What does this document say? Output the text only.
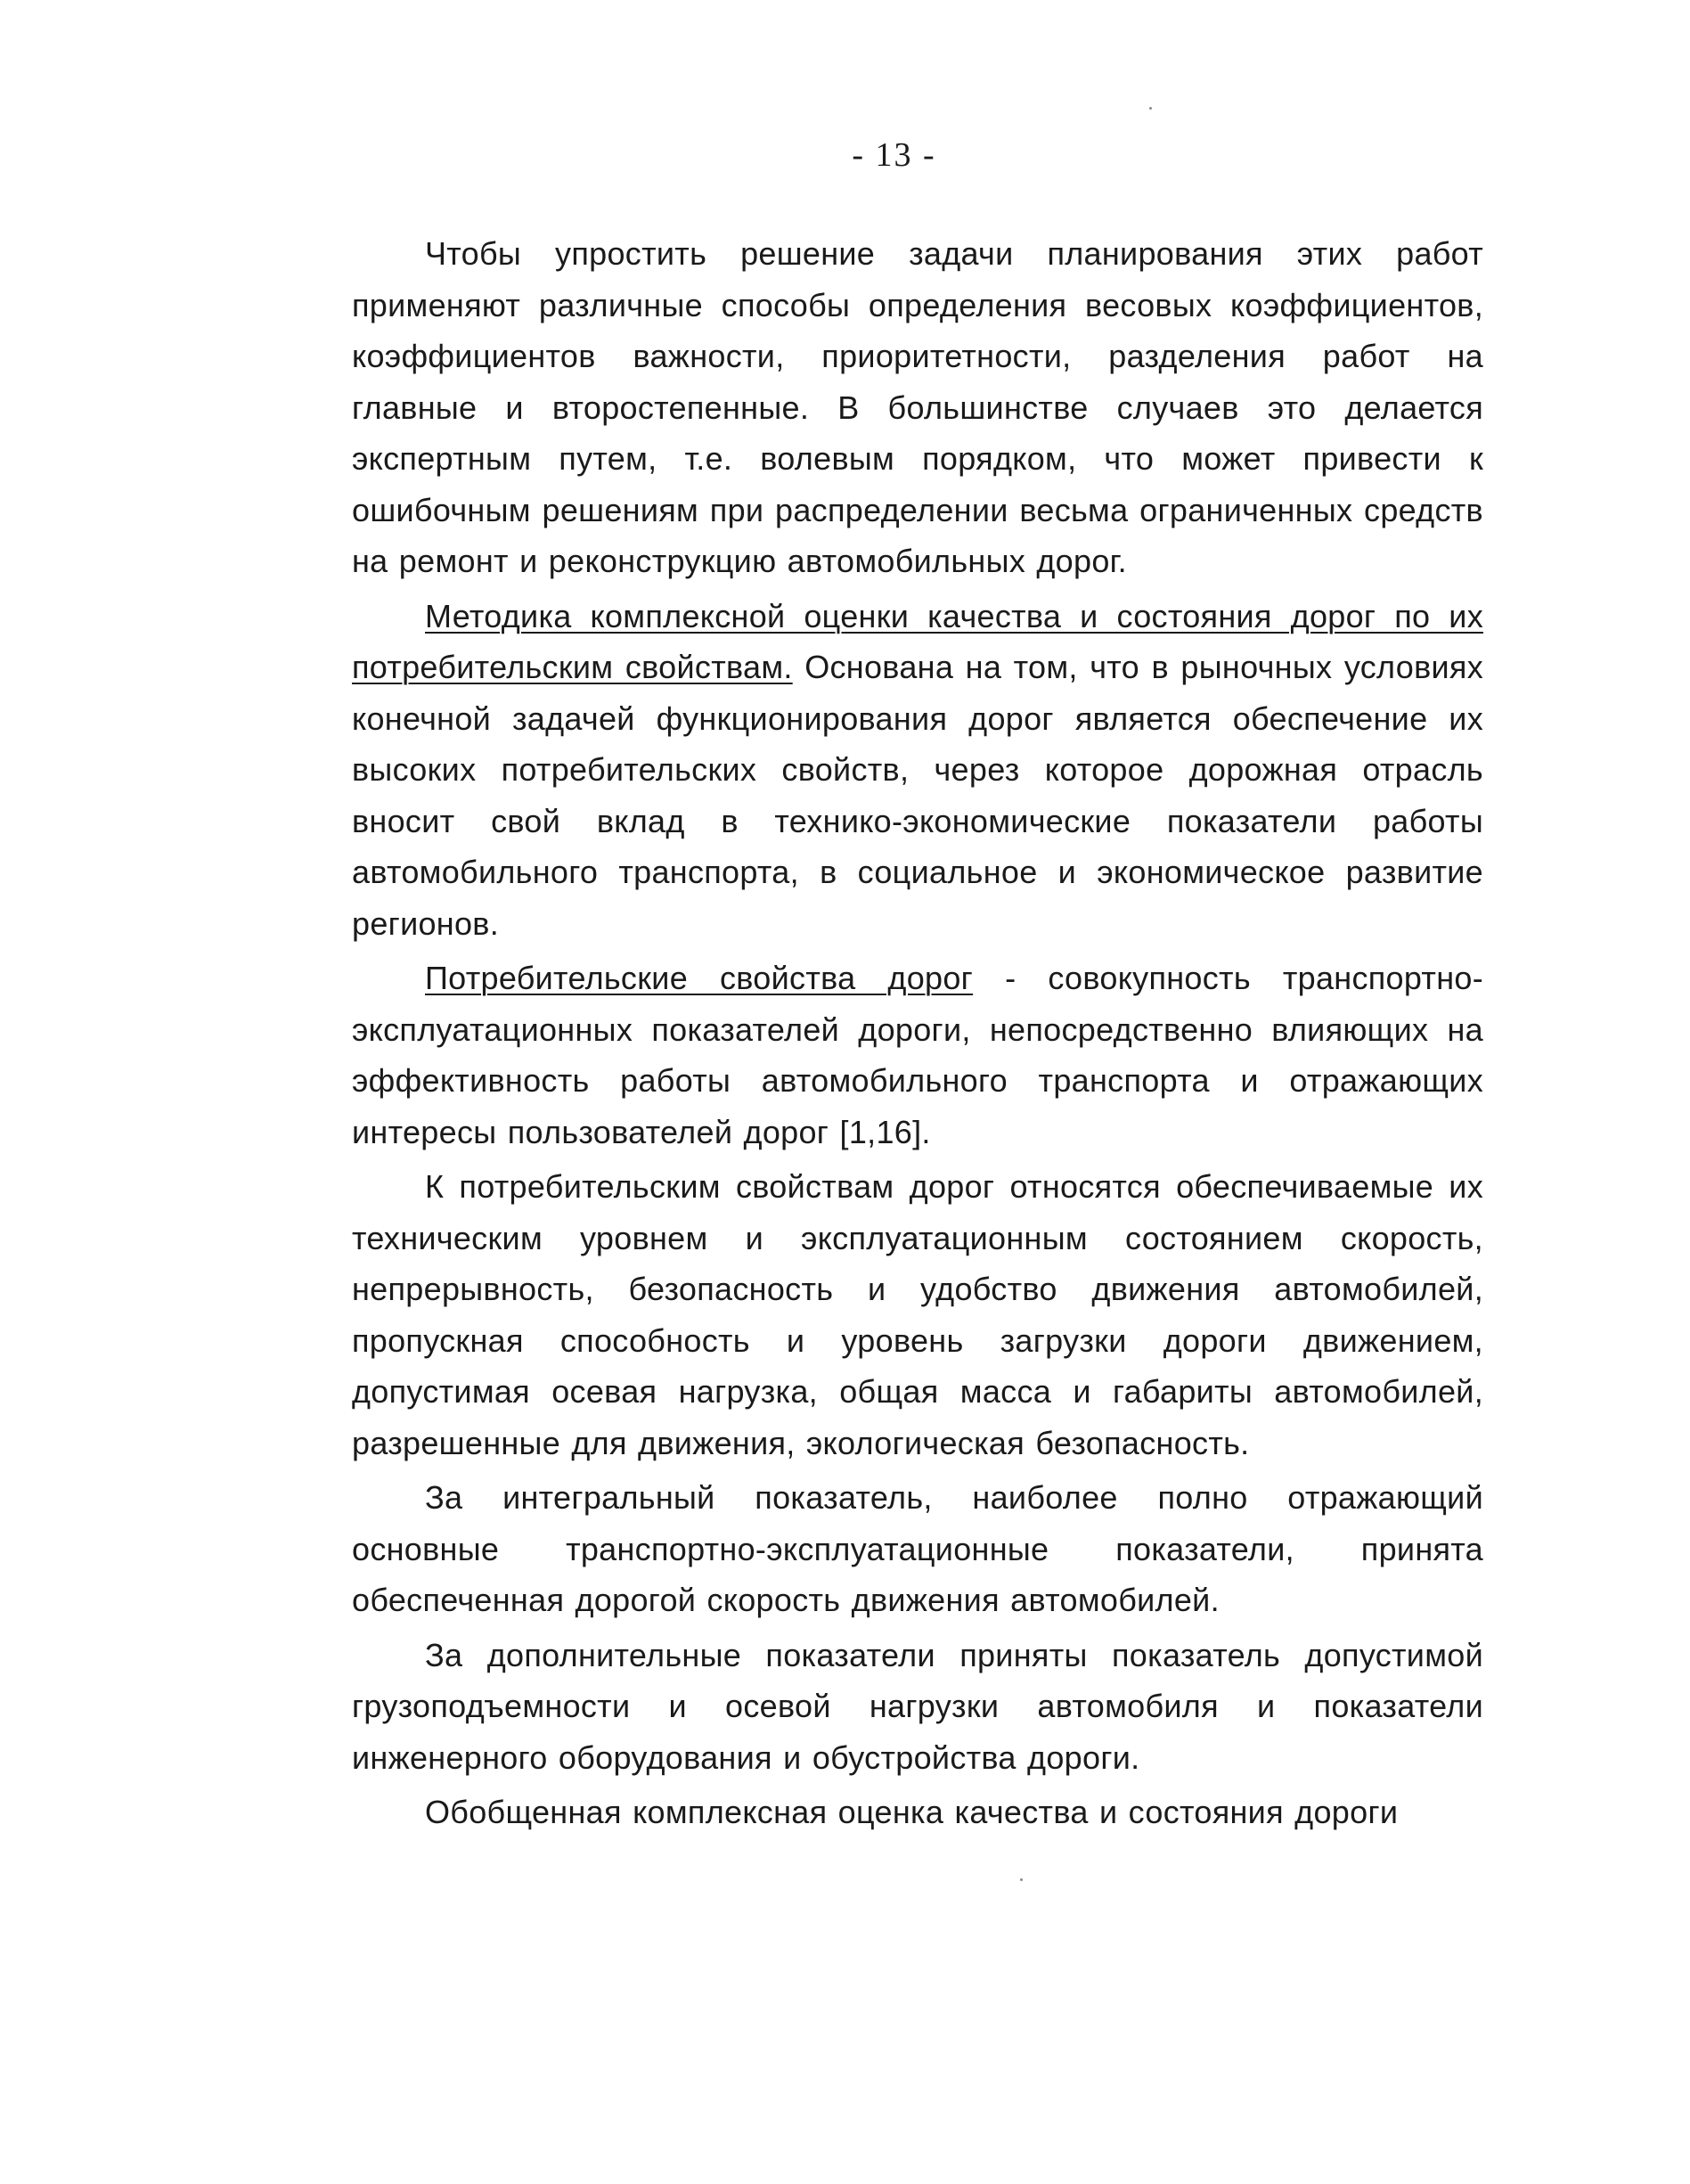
- 13 -

Чтобы упростить решение задачи планирования этих работ применяют различные способы определения весовых коэффициентов, коэффициентов важности, приоритетности, разделения работ на главные и второстепенные. В большинстве случаев это делается экспертным путем, т.е. волевым порядком, что может привести к ошибочным решениям при распределении весьма ограниченных средств на ремонт и реконструкцию автомобильных дорог.

Методика комплексной оценки качества и состояния дорог по их потребительским свойствам. Основана на том, что в рыночных условиях конечной задачей функционирования дорог является обеспечение их высоких потребительских свойств, через которое дорожная отрасль вносит свой вклад в технико-экономические показатели работы автомобильного транспорта, в социальное и экономическое развитие регионов.

Потребительские свойства дорог - совокупность транспортно-эксплуатационных показателей дороги, непосредственно влияющих на эффективность работы автомобильного транспорта и отражающих интересы пользователей дорог [1,16].

К потребительским свойствам дорог относятся обеспечиваемые их техническим уровнем и эксплуатационным состоянием скорость, непрерывность, безопасность и удобство движения автомобилей, пропускная способность и уровень загрузки дороги движением, допустимая осевая нагрузка, общая масса и габариты автомобилей, разрешенные для движения, экологическая безопасность.

За интегральный показатель, наиболее полно отражающий основные транспортно-эксплуатационные показатели, принята обеспеченная дорогой скорость движения автомобилей.

За дополнительные показатели приняты показатель допустимой грузоподъемности и осевой нагрузки автомобиля и показатели инженерного оборудования и обустройства дороги.

Обобщенная комплексная оценка качества и состояния дороги
